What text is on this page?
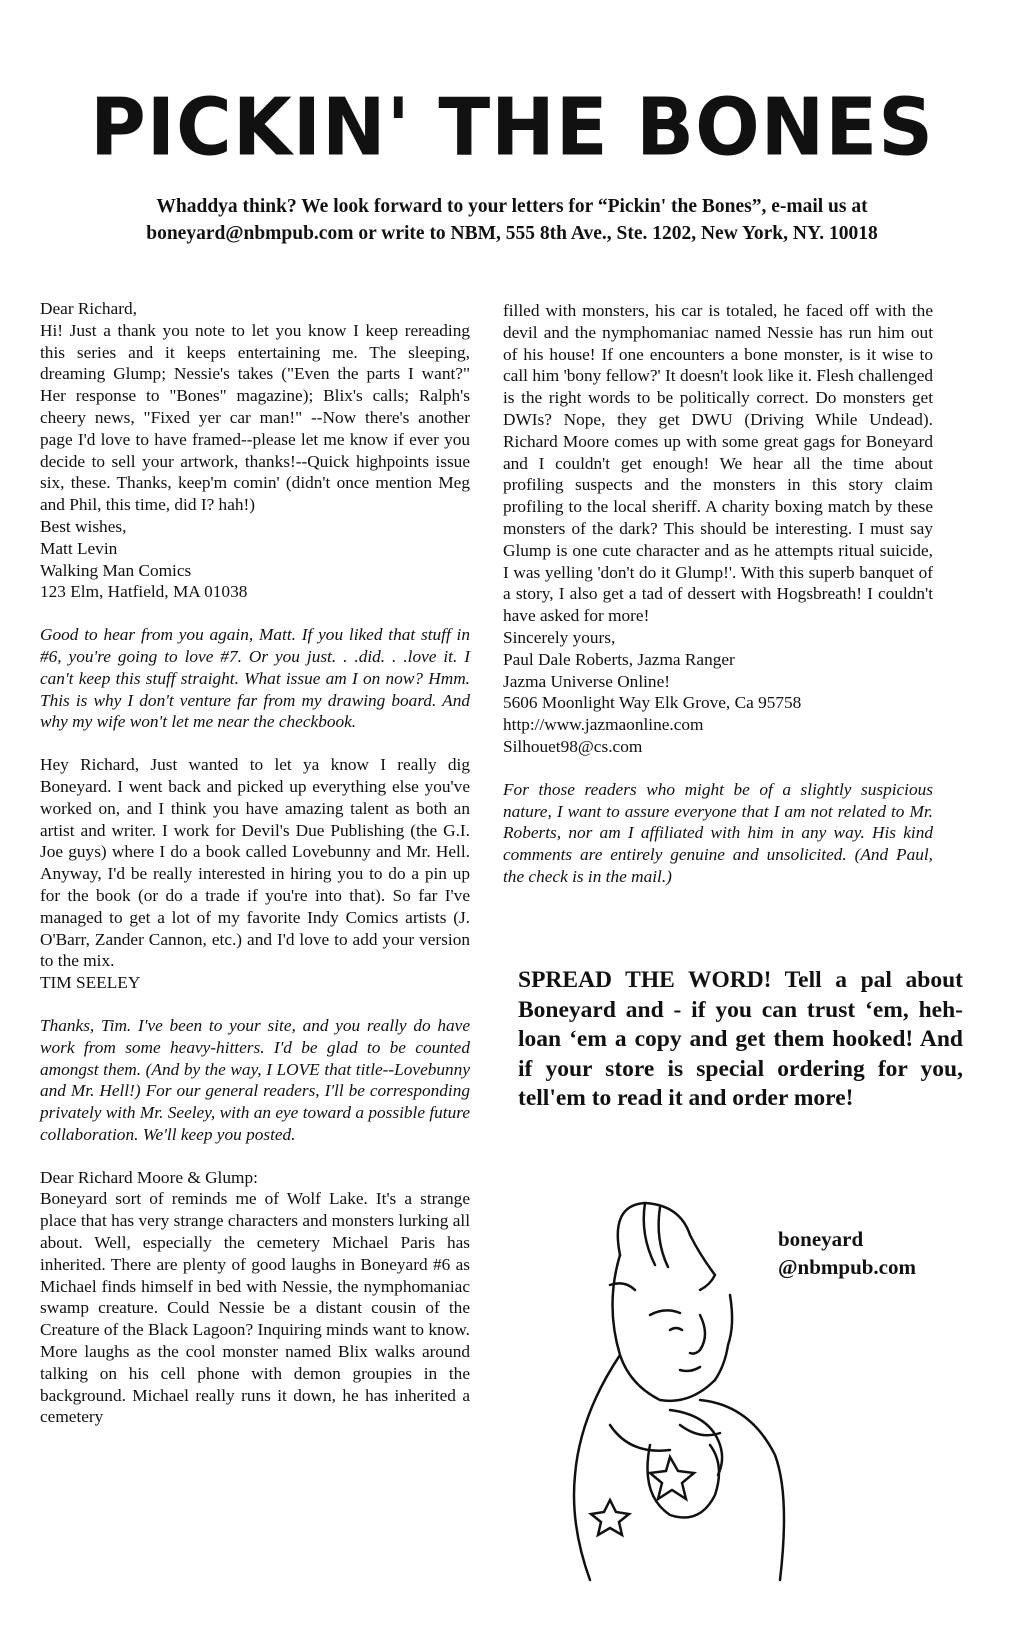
PICKIN' THE BONES
Whaddya think? We look forward to your letters for “Pickin' the Bones”, e-mail us at
boneyard@nbmpub.com or write to NBM, 555 8th Ave., Ste. 1202, New York, NY. 10018

Dear Richard,

Hi! Just a thank you note to let you know I keep rereading this series and it keeps entertaining me. The sleeping, dreaming Glump; Nessie's takes ("Even the parts I want?" Her response to "Bones" magazine); Blix's calls; Ralph's cheery news, "Fixed yer car man!" --Now there's another page I'd love to have framed--please let me know if ever you decide to sell your artwork, thanks!--Quick highpoints issue six, these. Thanks, keep'm comin' (didn't once mention Meg and Phil, this time, did I? hah!)

Best wishes,

Matt Levin

Walking Man Comics

123 Elm, Hatfield, MA 01038

Good to hear from you again, Matt. If you liked that stuff in #6, you're going to love #7. Or you just. . .did. . .love it. I can't keep this stuff straight. What issue am I on now? Hmm. This is why I don't venture far from my drawing board. And why my wife won't let me near the checkbook.

Hey Richard, Just wanted to let ya know I really dig Boneyard. I went back and picked up everything else you've worked on, and I think you have amazing talent as both an artist and writer. I work for Devil's Due Publishing (the G.I. Joe guys) where I do a book called Lovebunny and Mr. Hell. Anyway, I'd be really interested in hiring you to do a pin up for the book (or do a trade if you're into that). So far I've managed to get a lot of my favorite Indy Comics artists (J. O'Barr, Zander Cannon, etc.) and I'd love to add your version to the mix.

TIM SEELEY

Thanks, Tim. I've been to your site, and you really do have work from some heavy-hitters. I'd be glad to be counted amongst them. (And by the way, I LOVE that title--Lovebunny and Mr. Hell!) For our general readers, I'll be corresponding privately with Mr. Seeley, with an eye toward a possible future collaboration. We'll keep you posted.

Dear Richard Moore & Glump:

Boneyard sort of reminds me of Wolf Lake. It's a strange place that has very strange characters and monsters lurking all about. Well, especially the cemetery Michael Paris has inherited. There are plenty of good laughs in Boneyard #6 as Michael finds himself in bed with Nessie, the nymphomaniac swamp creature. Could Nessie be a distant cousin of the Creature of the Black Lagoon? Inquiring minds want to know. More laughs as the cool monster named Blix walks around talking on his cell phone with demon groupies in the background. Michael really runs it down, he has inherited a cemetery

filled with monsters, his car is totaled, he faced off with the devil and the nymphomaniac named Nessie has run him out of his house! If one encounters a bone monster, is it wise to call him 'bony fellow?' It doesn't look like it. Flesh challenged is the right words to be politically correct. Do monsters get DWIs? Nope, they get DWU (Driving While Undead). Richard Moore comes up with some great gags for Boneyard and I couldn't get enough! We hear all the time about profiling suspects and the monsters in this story claim profiling to the local sheriff. A charity boxing match by these monsters of the dark? This should be interesting. I must say Glump is one cute character and as he attempts ritual suicide, I was yelling 'don't do it Glump!'. With this superb banquet of a story, I also get a tad of dessert with Hogsbreath! I couldn't have asked for more!

Sincerely yours,

Paul Dale Roberts, Jazma Ranger

Jazma Universe Online!

5606 Moonlight Way Elk Grove, Ca 95758

http://www.jazmaonline.com

Silhouet98@cs.com

For those readers who might be of a slightly suspicious nature, I want to assure everyone that I am not related to Mr. Roberts, nor am I affiliated with him in any way. His kind comments are entirely genuine and unsolicited. (And Paul, the check is in the mail.)

SPREAD THE WORD! Tell a pal about Boneyard and - if you can trust ‘em, heh- loan ‘em a copy and get them hooked! And if your store is special ordering for you, tell'em to read it and order more!
boneyard
@nbmpub.com
